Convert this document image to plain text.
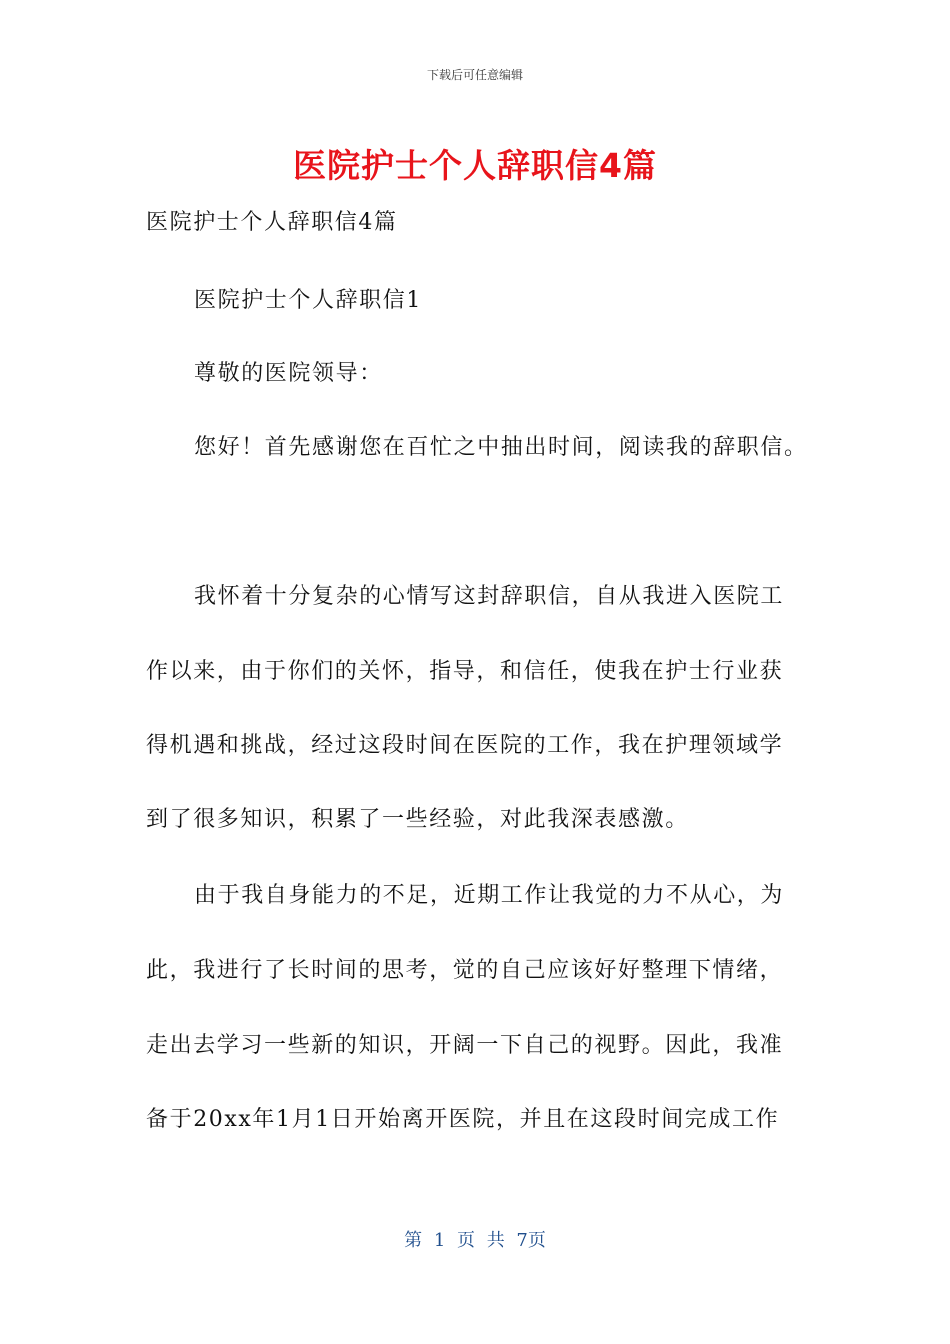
下载后可任意编辑
医院护士个人辞职信4篇
医院护士个人辞职信4篇
医院护士个人辞职信1
尊敬的医院领导：
您好！首先感谢您在百忙之中抽出时间，阅读我的辞职信。
我怀着十分复杂的心情写这封辞职信，自从我进入医院工
作以来，由于你们的关怀，指导，和信任，使我在护士行业获
得机遇和挑战，经过这段时间在医院的工作，我在护理领域学
到了很多知识，积累了一些经验，对此我深表感激。
由于我自身能力的不足，近期工作让我觉的力不从心，为
此，我进行了长时间的思考，觉的自己应该好好整理下情绪，
走出去学习一些新的知识，开阔一下自己的视野。因此，我准
备于20xx年1月1日开始离开医院，并且在这段时间完成工作
第 1 页 共 7页
